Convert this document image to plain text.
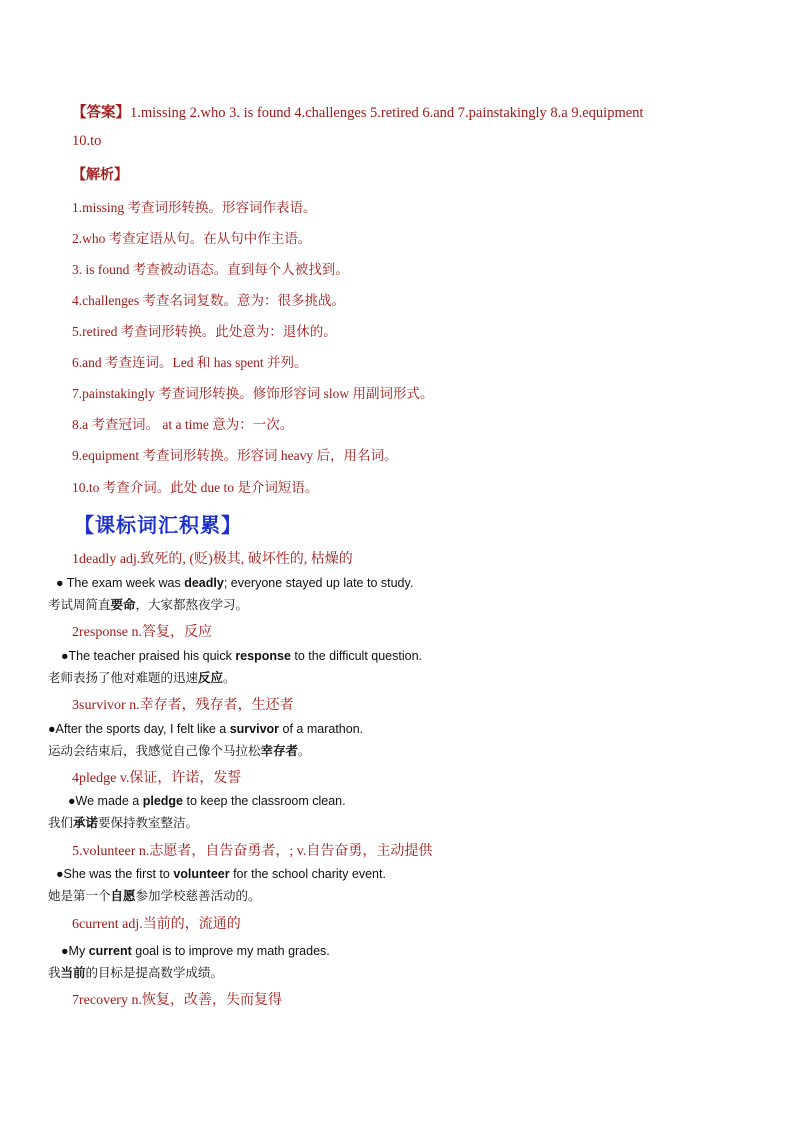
【答案】1.missing 2.who 3. is found 4.challenges 5.retired 6.and 7.painstakingly 8.a 9.equipment
10.to
【解析】
1.missing 考查词形转换。形容词作表语。
2.who 考查定语从句。在从句中作主语。
3. is found 考查被动语态。直到每个人被找到。
4.challenges 考查名词复数。意为：很多挑战。
5.retired 考查词形转换。此处意为：退休的。
6.and 考查连词。Led 和 has spent 并列。
7.painstakingly 考查词形转换。修饰形容词 slow 用副词形式。
8.a 考查冠词。 at a time 意为：一次。
9.equipment 考查词形转换。形容词 heavy 后，用名词。
10.to 考查介词。此处 due to 是介词短语。
【课标词汇积累】
1deadly adj.致死的, (贬)极其, 破坏性的, 枯燥的
● The exam week was deadly; everyone stayed up late to study.
考试周简直要命，大家都熬夜学习。
2response n.答复，反应
●The teacher praised his quick response to the difficult question.
老师表扬了他对难题的迅速反应。
3survivor n.幸存者，残存者，生还者
●After the sports day, I felt like a survivor of a marathon.
运动会结束后，我感觉自己像个马拉松幸存者。
4pledge v.保证，许诺，发誓
●We made a pledge to keep the classroom clean.
我们承诺要保持教室整洁。
5.volunteer n.志愿者，自告奋勇者，; v.自告奋勇，主动提供
●She was the first to volunteer for the school charity event.
她是第一个自愿参加学校慈善活动的。
6current adj.当前的，流通的
●My current goal is to improve my math grades.
我当前的目标是提高数学成绩。
7recovery n.恢复，改善，失而复得
